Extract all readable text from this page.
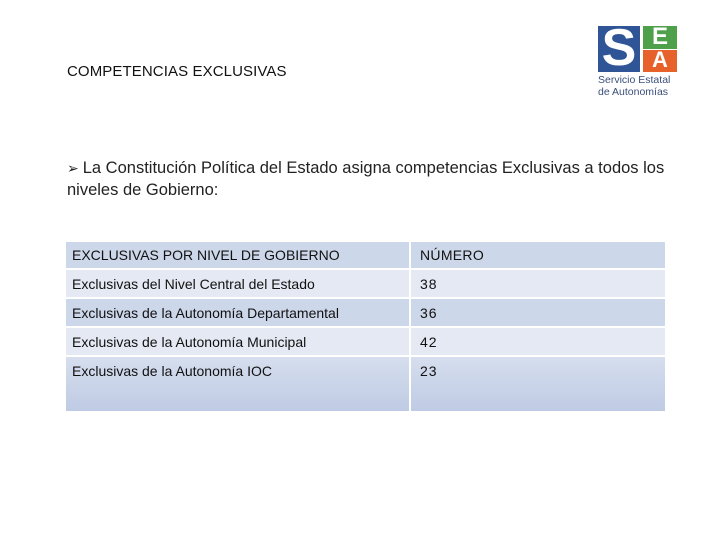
COMPETENCIAS EXCLUSIVAS	S E
A
Servicio Estatal
de Autonomías
➢ La Constitución Política del Estado asigna competencias Exclusivas a todos los niveles de Gobierno:
EXCLUSIVAS POR NIVEL DE GOBIERNO	NÚMERO
Exclusivas del Nivel Central del Estado	38
Exclusivas de la Autonomía Departamental	36
Exclusivas de la Autonomía Municipal	42
Exclusivas de la Autonomía IOC	23
